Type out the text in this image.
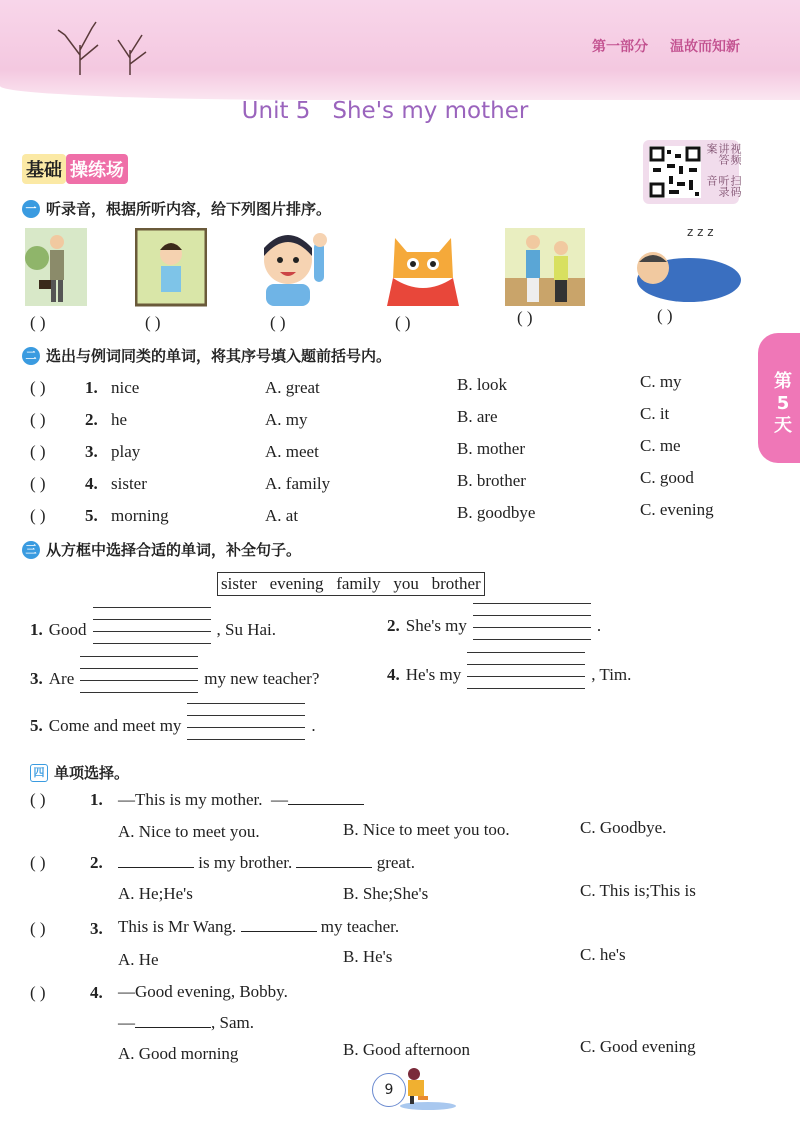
第一部分 温故而知新
Unit 5   She's my mother
基础 操练场
视频讲答案
扫码听录音
第
5
天
一 听录音，根据所听内容，给下列图片排序。
z z z
( )	( )	( )	( )	( )	( )
二 选出与例词同类的单词，将其序号填入题前括号内。
( ) 1. nice	A. great	B. look	C. my
( ) 2. he	A. my	B. are	C. it
( ) 3. play	A. meet	B. mother	C. me
( ) 4. sister	A. family	B. brother	C. good
( ) 5. morning	A. at	B. goodbye	C. evening
三 从方框中选择合适的单词，补全句子。
sister   evening   family   you   brother
1. Good	, Su Hai.	2. She's my	.
3. Are	my new teacher?	4. He's my	, Tim.
5. Come and meet my	.
四 单项选择。
( )	1. —This is my mother.  —
A. Nice to meet you.	B. Nice to meet you too.	C. Goodbye.
( )	2.	is my brother.	great.
A. He;He's	B. She;She's	C. This is;This is
( )	3. This is Mr Wang.	my teacher.
A. He	B. He's	C. he's
( )	4. —Good evening, Bobby.
—	, Sam.
A. Good morning	B. Good afternoon	C. Good evening
9
